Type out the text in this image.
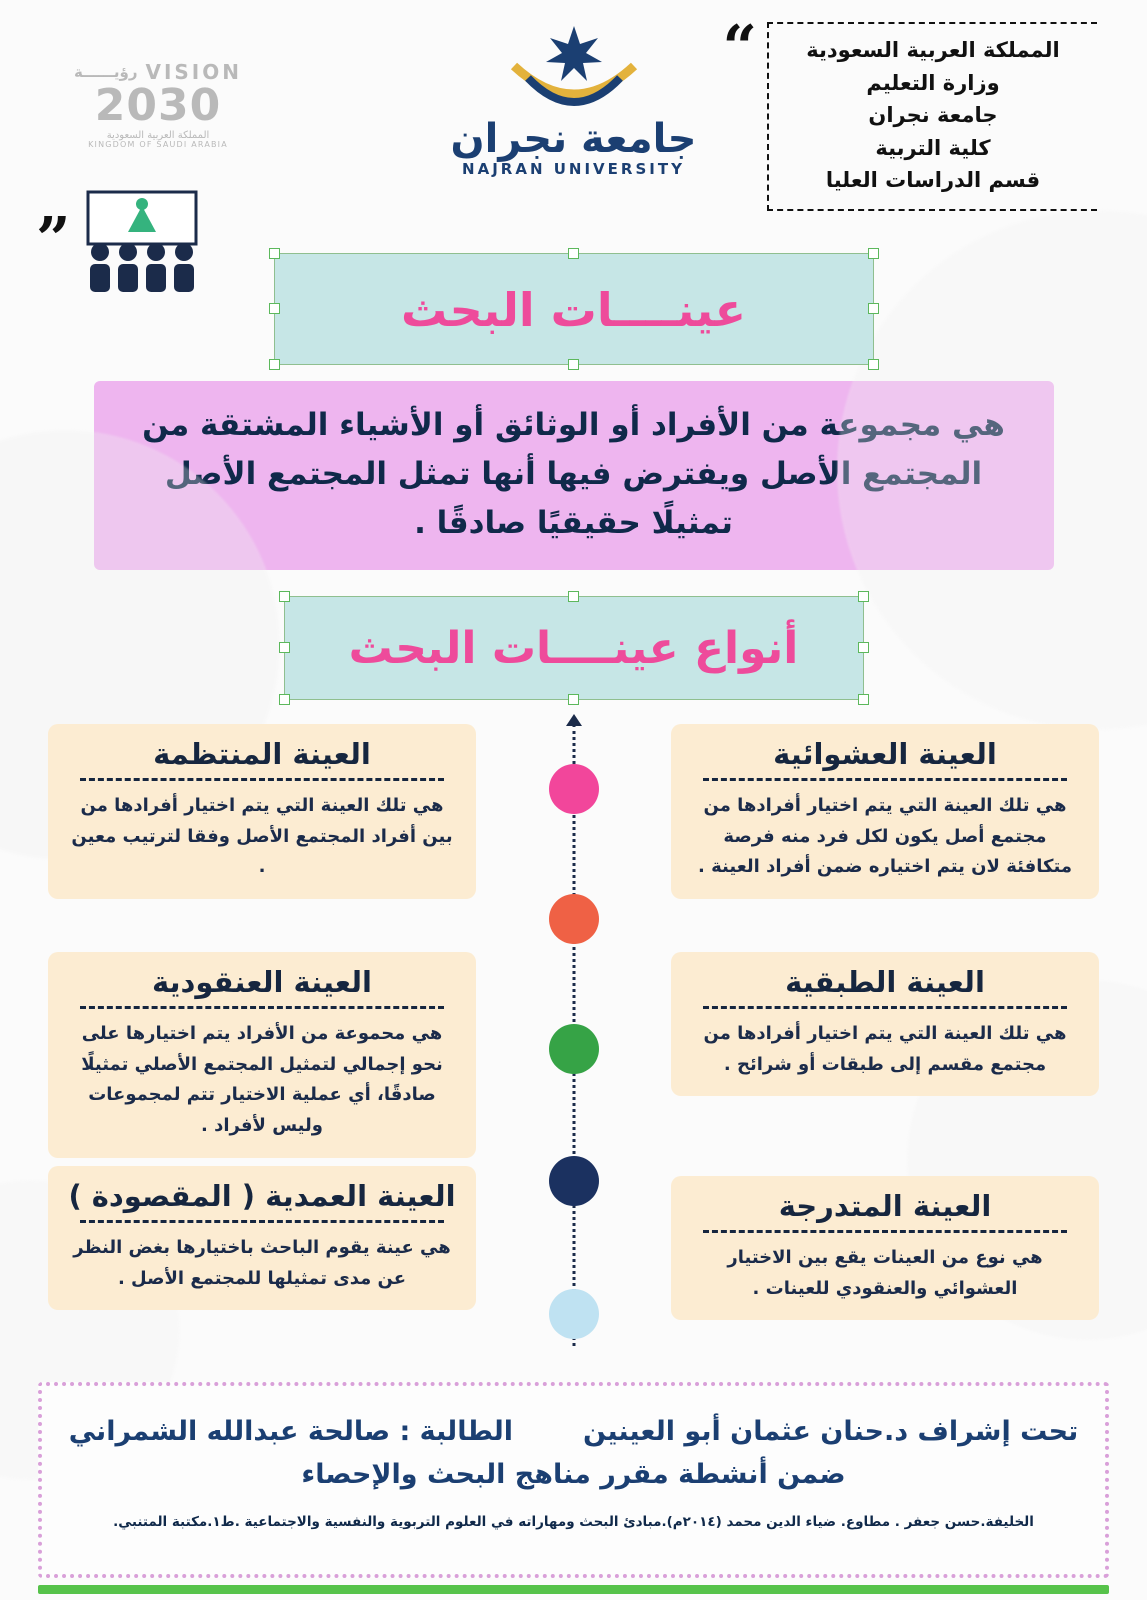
VISION
رؤيــــــة
2030
المملكة العربية السعودية
KINGDOM OF SAUDI ARABIA	جامعة نجران
NAJRAN UNIVERSITY
“	المملكة العربية السعودية
وزارة التعليم
جامعة نجران
كلية التربية
قسم الدراسات العليا
”
عينــــات البحث
هي مجموعة من الأفراد أو الوثائق أو الأشياء المشتقة من المجتمع الأصل ويفترض فيها أنها تمثل المجتمع الأصل تمثيلًا حقيقيًا صادقًا .
أنواع عينــــات البحث
العينة العشوائية
هي تلك العينة التي يتم اختيار أفرادها من مجتمع أصل يكون لكل فرد منه فرصة متكافئة لان يتم اختياره ضمن أفراد العينة .
العينة المنتظمة
هي تلك العينة التي يتم اختيار أفرادها من بين أفراد المجتمع الأصل وفقا لترتيب معين .
العينة الطبقية
هي تلك العينة التي يتم اختيار أفرادها من مجتمع مقسم إلى طبقات أو شرائح .
العينة العنقودية
هي محموعة من الأفراد يتم اختيارها على نحو إجمالي لتمثيل المجتمع الأصلي تمثيلًا صادقًا، أي عملية الاختيار تتم لمجموعات وليس لأفراد .
العينة المتدرجة
هي نوع من العينات يقع بين الاختيار العشوائي والعنقودي للعينات .
العينة العمدية ( المقصودة )
هي عينة يقوم الباحث باختيارها بغض النظر عن مدى تمثيلها للمجتمع الأصل .
تحت إشراف د.حنان عثمان أبو العينين
الطالبة : صالحة عبدالله الشمراني
ضمن أنشطة مقرر مناهج البحث والإحصاء
الخليفة.حسن جعفر . مطاوع. ضياء الدين محمد (٢٠١٤م).مبادئ البحث ومهاراته في العلوم التربوية والنفسية والاجتماعية .ط١.مكتبة المتنبي.
